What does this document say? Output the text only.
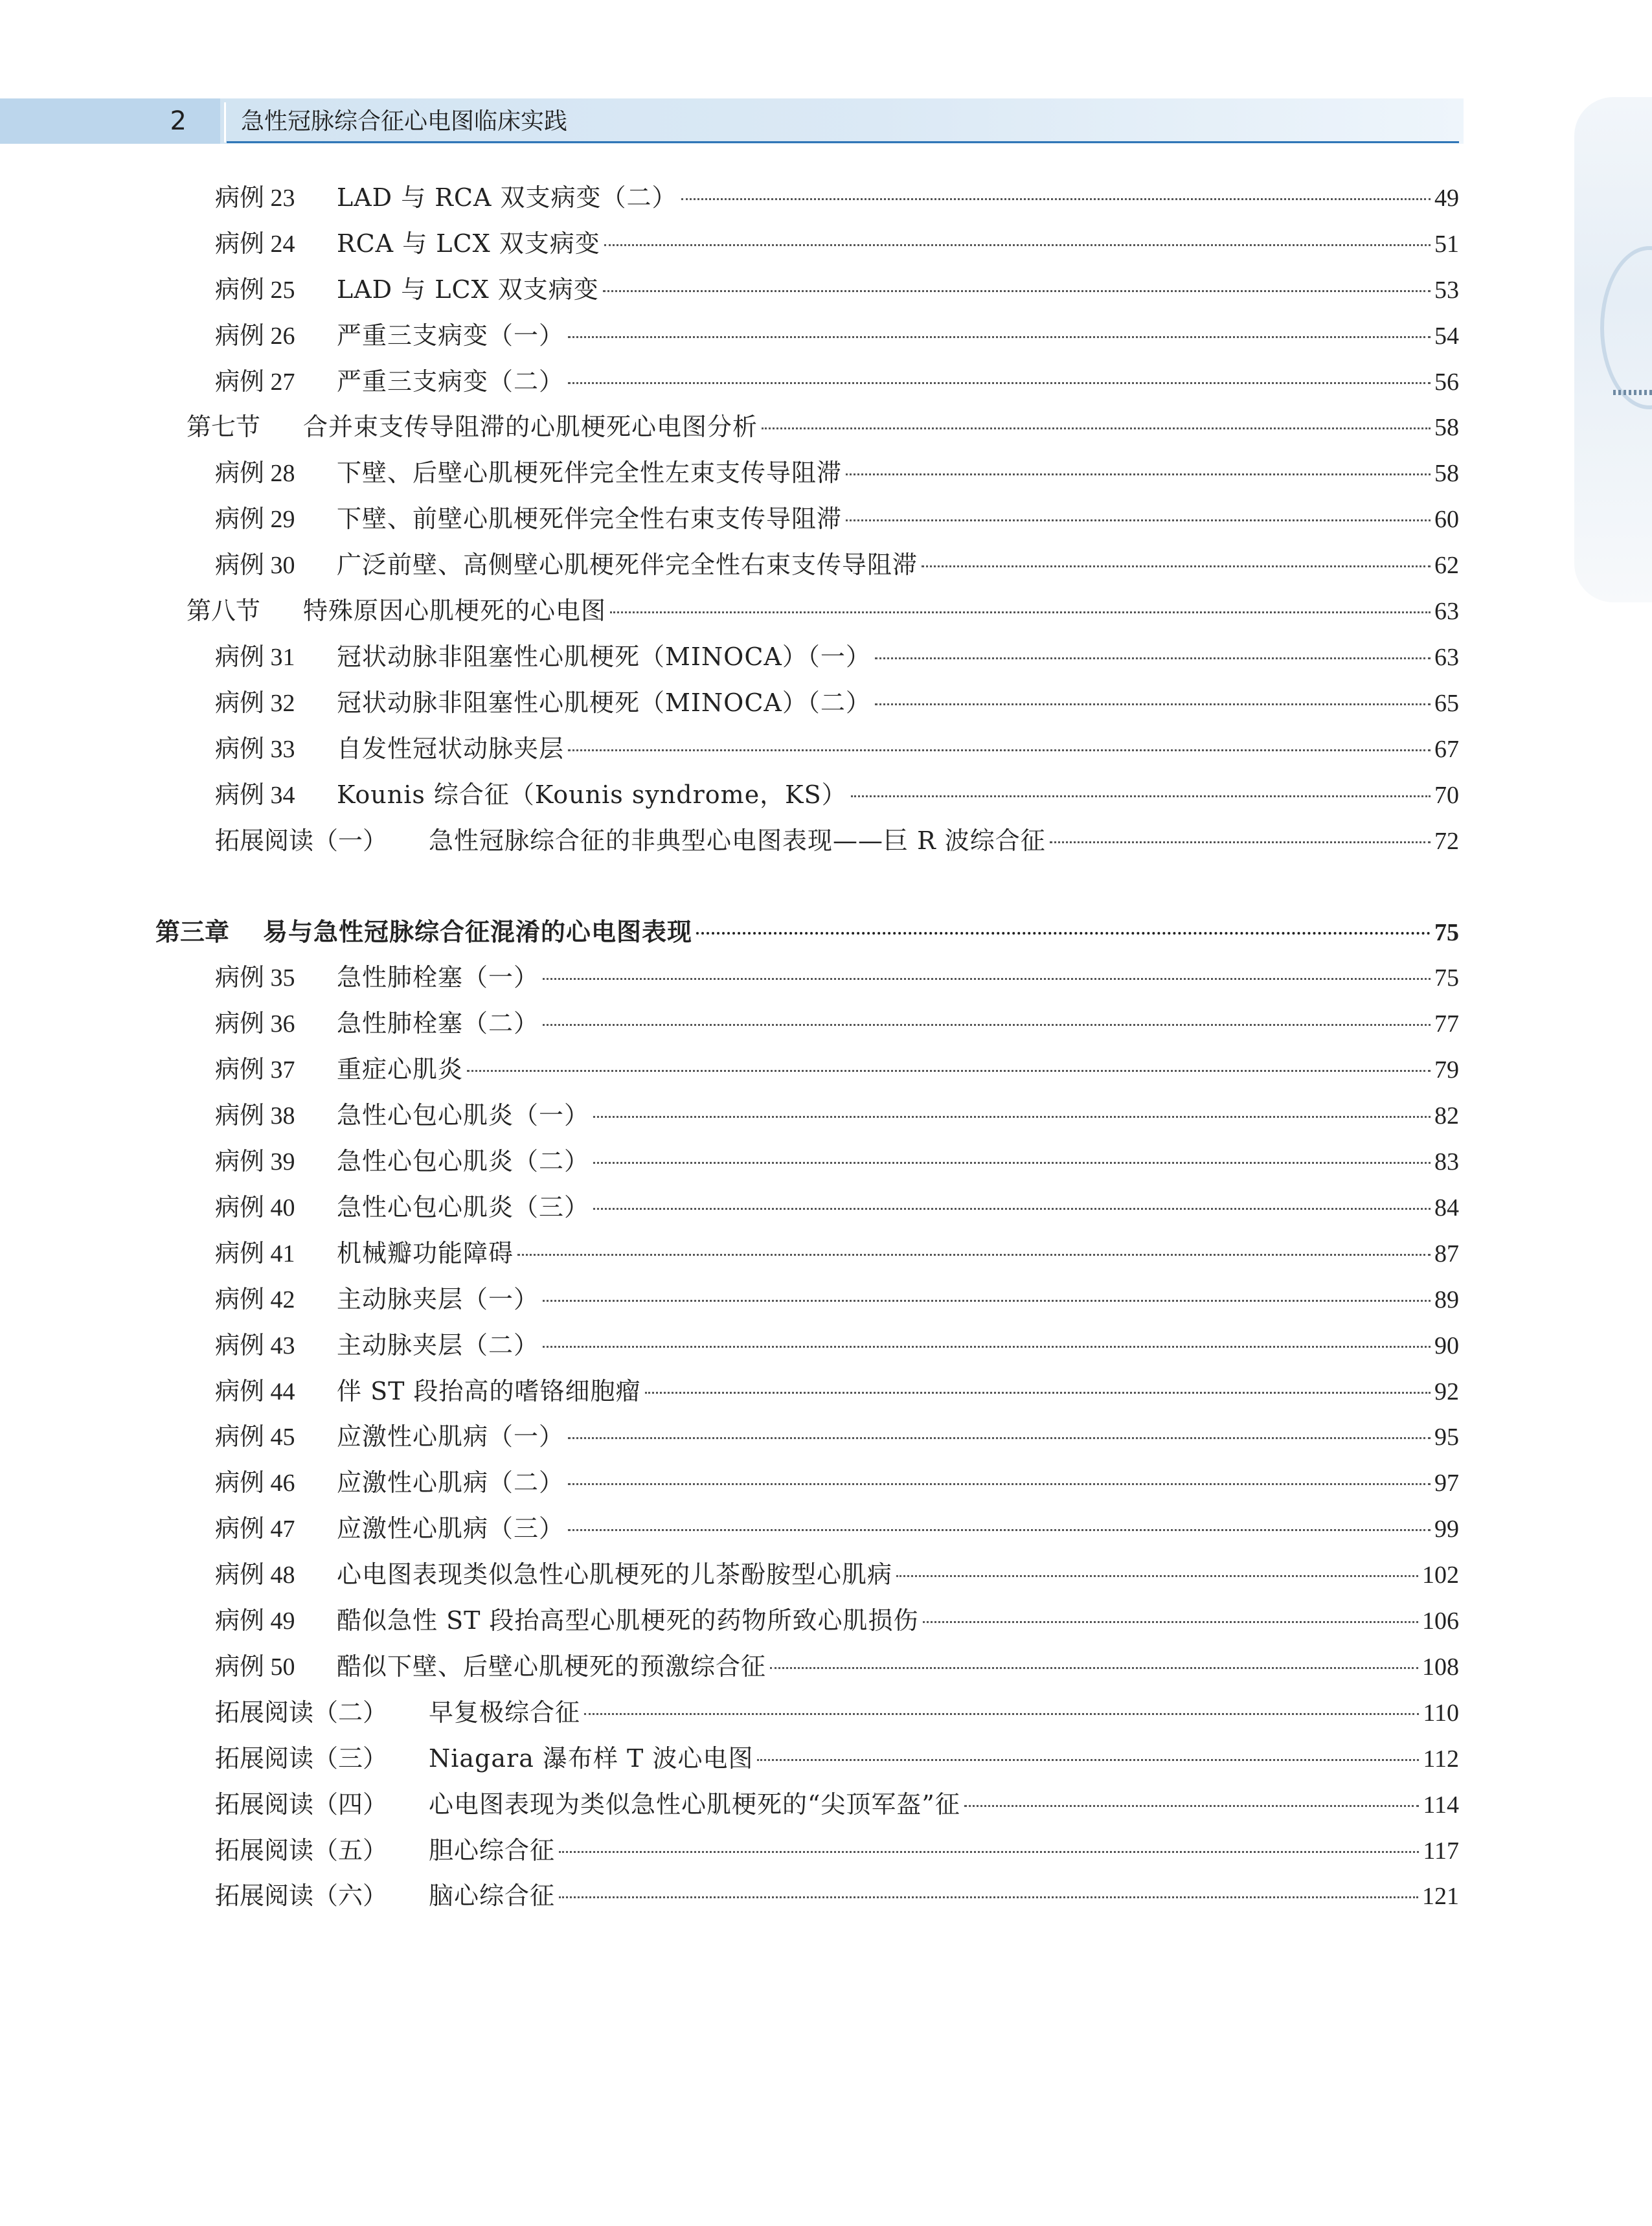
2	急性冠脉综合征心电图临床实践
病例 23	LAD 与 RCA 双支病变（二）	49
病例 24	RCA 与 LCX 双支病变	51
病例 25	LAD 与 LCX 双支病变	53
病例 26	严重三支病变（一）	54
病例 27	严重三支病变（二）	56
第七节	合并束支传导阻滞的心肌梗死心电图分析	58
病例 28	下壁、后壁心肌梗死伴完全性左束支传导阻滞	58
病例 29	下壁、前壁心肌梗死伴完全性右束支传导阻滞	60
病例 30	广泛前壁、高侧壁心肌梗死伴完全性右束支传导阻滞	62
第八节	特殊原因心肌梗死的心电图	63
病例 31	冠状动脉非阻塞性心肌梗死（MINOCA）（一）	63
病例 32	冠状动脉非阻塞性心肌梗死（MINOCA）（二）	65
病例 33	自发性冠状动脉夹层	67
病例 34	Kounis 综合征（Kounis syndrome，KS）	70
拓展阅读（一）	急性冠脉综合征的非典型心电图表现——巨 R 波综合征	72
第三章	易与急性冠脉综合征混淆的心电图表现	75
病例 35	急性肺栓塞（一）	75
病例 36	急性肺栓塞（二）	77
病例 37	重症心肌炎	79
病例 38	急性心包心肌炎（一）	82
病例 39	急性心包心肌炎（二）	83
病例 40	急性心包心肌炎（三）	84
病例 41	机械瓣功能障碍	87
病例 42	主动脉夹层（一）	89
病例 43	主动脉夹层（二）	90
病例 44	伴 ST 段抬高的嗜铬细胞瘤	92
病例 45	应激性心肌病（一）	95
病例 46	应激性心肌病（二）	97
病例 47	应激性心肌病（三）	99
病例 48	心电图表现类似急性心肌梗死的儿茶酚胺型心肌病	102
病例 49	酷似急性 ST 段抬高型心肌梗死的药物所致心肌损伤	106
病例 50	酷似下壁、后壁心肌梗死的预激综合征	108
拓展阅读（二）	早复极综合征	110
拓展阅读（三）	Niagara 瀑布样 T 波心电图	112
拓展阅读（四）	心电图表现为类似急性心肌梗死的“尖顶军盔”征	114
拓展阅读（五）	胆心综合征	117
拓展阅读（六）	脑心综合征	121
